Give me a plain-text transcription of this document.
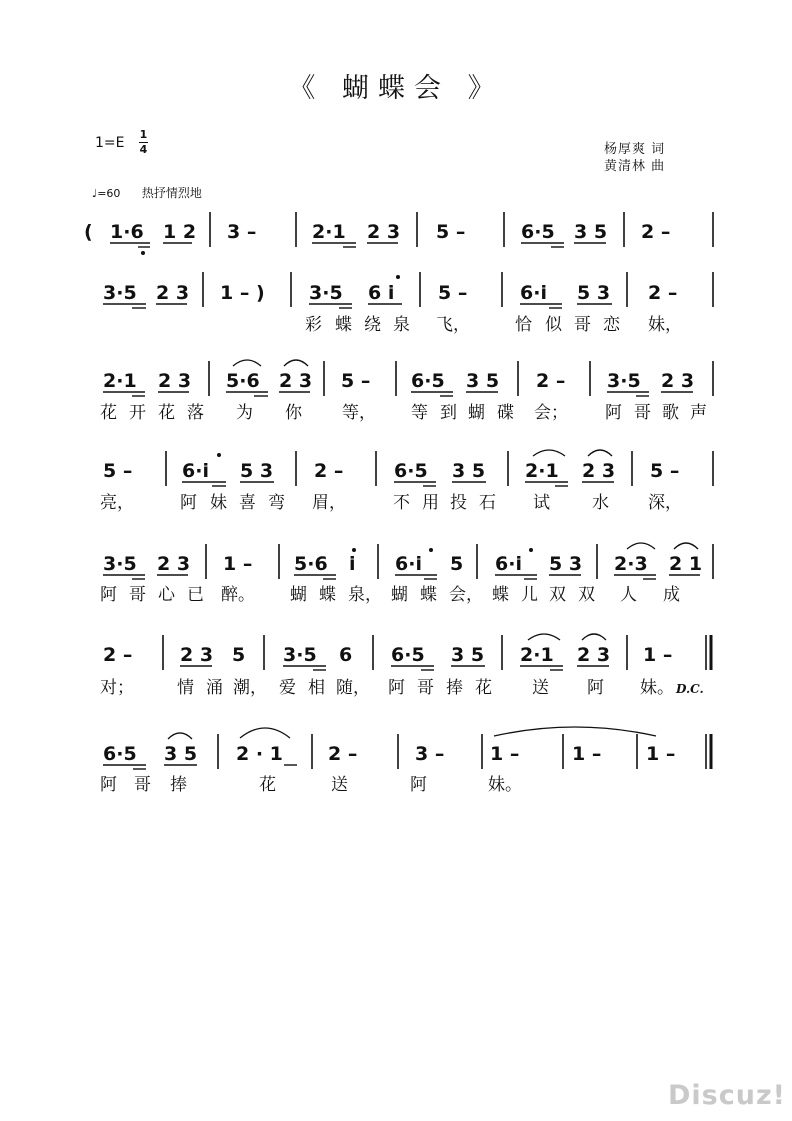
《 蝴蝶会 》
1=E
1
4	杨厚爽 词
黄清林 曲
♩=60 热抒情烈地
( 1·6 1 2 3 –	2·1 2 3 5 –	6·5 3 5 2 –
3·5 2 3 1 – ) 3·5 6 i 5 –	6·i 5 3 2 –
彩 蝶 绕 泉 飞，	恰 似 哥 恋 妹，
2·1 2 3 5·6 2 3 5 – 6·5 3 5 2 – 3·5 2 3
花 开 花 落 为 你 等， 等 到 蝴 碟 会； 阿 哥 歌 声
5 –	6·i 5 3 2 –	6·5 3 5 2·1 2 3 5 –
亮，	阿 妹 喜 弯 眉，	不 用 投 石 试 水 深，
3·5 2 3 1 – 5·6 i 6·i 5 6·i 5 3 2·3 2 1
阿 哥 心 已 醉。 蝴 蝶 泉， 蝴 蝶 会， 蝶 儿 双 双 人 成
2 –	2 3 5 3·5 6 6·5 3 5 2·1 2 3 1 –
对；	情 涌 潮， 爱 相 随， 阿 哥 捧 花 送 阿 妹。 D.C.
6·5 3 5 2 · 1 2 –	3 – 1 –	1 – 1 –
阿 哥 捧	花	送	阿	妹。
Discuz!
